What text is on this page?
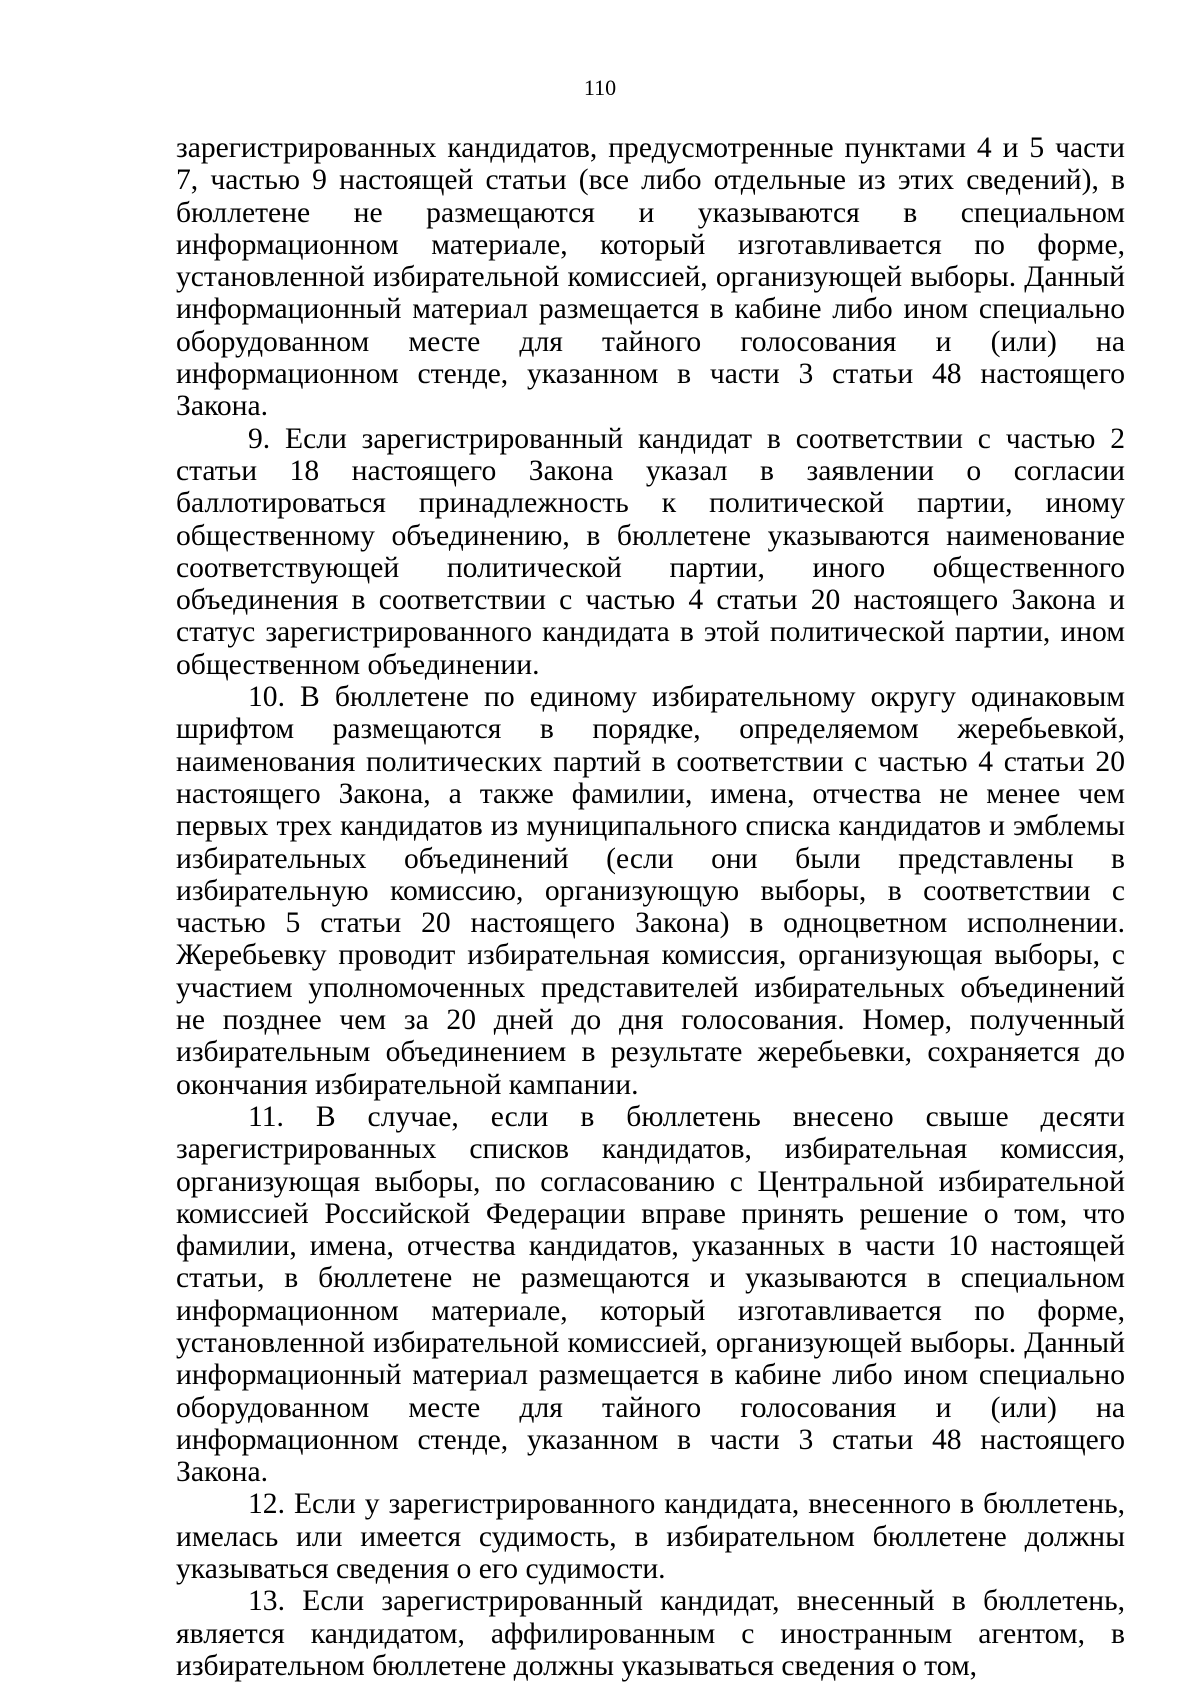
110

зарегистрированных кандидатов, предусмотренные пунктами 4 и 5 части 7, частью 9 настоящей статьи (все либо отдельные из этих сведений), в бюллетене не размещаются и указываются в специальном информационном материале, который изготавливается по форме, установленной избирательной комиссией, организующей выборы. Данный информационный материал размещается в кабине либо ином специально оборудованном месте для тайного голосования и (или) на информационном стенде, указанном в части 3 статьи 48 настоящего Закона.

9. Если зарегистрированный кандидат в соответствии с частью 2 статьи 18 настоящего Закона указал в заявлении о согласии баллотироваться принадлежность к политической партии, иному общественному объединению, в бюллетене указываются наименование соответствующей политической партии, иного общественного объединения в соответствии с частью 4 статьи 20 настоящего Закона и статус зарегистрированного кандидата в этой политической партии, ином общественном объединении.

10. В бюллетене по единому избирательному округу одинаковым шрифтом размещаются в порядке, определяемом жеребьевкой, наименования политических партий в соответствии с частью 4 статьи 20 настоящего Закона, а также фамилии, имена, отчества не менее чем первых трех кандидатов из муниципального списка кандидатов и эмблемы избирательных объединений (если они были представлены в избирательную комиссию, организующую выборы, в соответствии с частью 5 статьи 20 настоящего Закона) в одноцветном исполнении. Жеребьевку проводит избирательная комиссия, организующая выборы, с участием уполномоченных представителей избирательных объединений не позднее чем за 20 дней до дня голосования. Номер, полученный избирательным объединением в результате жеребьевки, сохраняется до окончания избирательной кампании.

11. В случае, если в бюллетень внесено свыше десяти зарегистрированных списков кандидатов, избирательная комиссия, организующая выборы, по согласованию с Центральной избирательной комиссией Российской Федерации вправе принять решение о том, что фамилии, имена, отчества кандидатов, указанных в части 10 настоящей статьи, в бюллетене не размещаются и указываются в специальном информационном материале, который изготавливается по форме, установленной избирательной комиссией, организующей выборы. Данный информационный материал размещается в кабине либо ином специально оборудованном месте для тайного голосования и (или) на информационном стенде, указанном в части 3 статьи 48 настоящего Закона.

12. Если у зарегистрированного кандидата, внесенного в бюллетень, имелась или имеется судимость, в избирательном бюллетене должны указываться сведения о его судимости.

13. Если зарегистрированный кандидат, внесенный в бюллетень, является кандидатом, аффилированным с иностранным агентом, в избирательном бюллетене должны указываться сведения о том,
